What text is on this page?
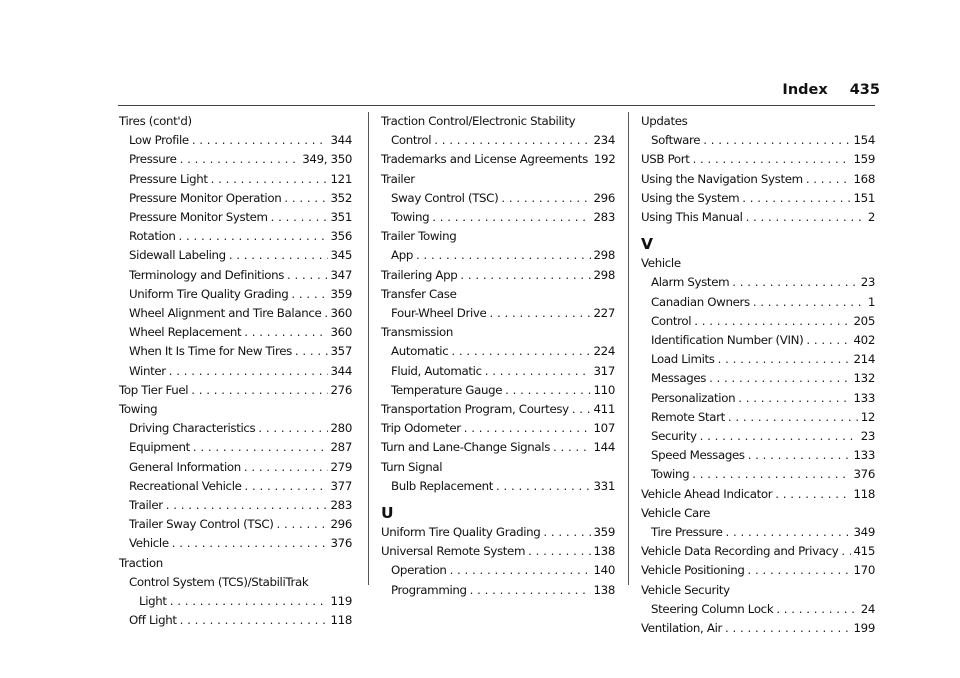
Index 435
Tires (cont'd)
Low Profile . . .	344
Pressure . . .	349, 350
Pressure Light . . .	121
Pressure Monitor Operation . . .	352
Pressure Monitor System . . .	351
Rotation . . .	356
Sidewall Labeling . . .	345
Terminology and Definitions . . .	347
Uniform Tire Quality Grading . . .	359
Wheel Alignment and Tire Balance . . . 360
Wheel Replacement . . .	360
When It Is Time for New Tires . . .	357
Winter . . .	344
Top Tier Fuel . . .	276
Towing
Driving Characteristics . . .	280
Equipment . . .	287
General Information . . .	279
Recreational Vehicle . . .	377
Trailer . . .	283
Trailer Sway Control (TSC) . . .	296
Vehicle . . .	376
Traction
Control System (TCS)/StabiliTrak
Light . . .	119
Off Light . . .	118
Traction Control/Electronic Stability
Control . . .	234
Trademarks and License Agreements 192
Trailer
Sway Control (TSC) . . .	296
Towing . . .	283
Trailer Towing
App . . .	298
Trailering App . . .	298
Transfer Case
Four-Wheel Drive . . .	227
Transmission
Automatic . . .	224
Fluid, Automatic . . .	317
Temperature Gauge . . .	110
Transportation Program, Courtesy . . . 411
Trip Odometer . . .	107
Turn and Lane-Change Signals . . .	144
Turn Signal
Bulb Replacement . . .	331
U
Uniform Tire Quality Grading . . .	359
Universal Remote System . . .	138
Operation . . .	140
Programming . . .	138
Updates
Software . . .	154
USB Port . . .	159
Using the Navigation System . . .	168
Using the System . . .	151
Using This Manual . . .	2
V
Vehicle
Alarm System . . .	23
Canadian Owners . . .	1
Control . . .	205
Identification Number (VIN) . . .	402
Load Limits . . .	214
Messages . . .	132
Personalization . . .	133
Remote Start . . .	12
Security . . .	23
Speed Messages . . .	133
Towing . . .	376
Vehicle Ahead Indicator . . .	118
Vehicle Care
Tire Pressure . . .	349
Vehicle Data Recording and Privacy . . . 415
Vehicle Positioning . . .	170
Vehicle Security
Steering Column Lock . . .	24
Ventilation, Air . . .	199
